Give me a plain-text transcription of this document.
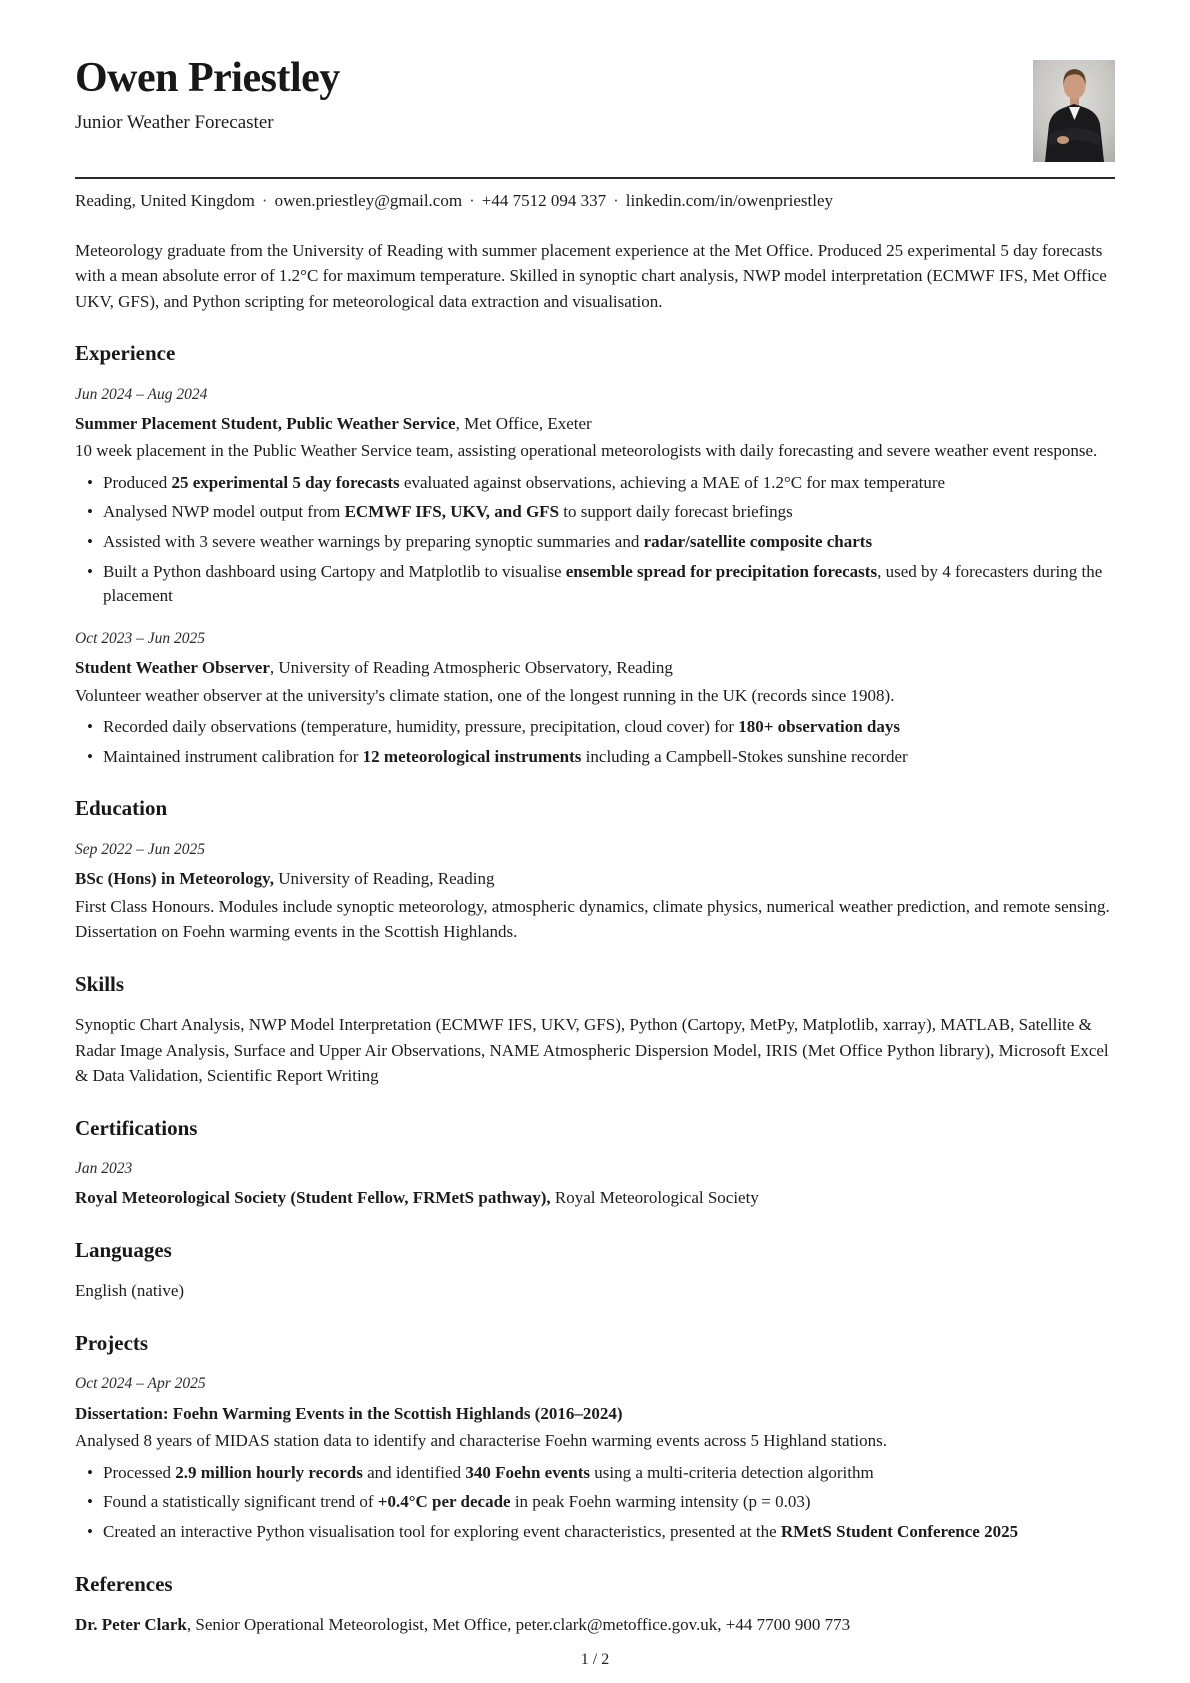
Owen Priestley
Junior Weather Forecaster
Reading, United Kingdom · owen.priestley@gmail.com · +44 7512 094 337 · linkedin.com/in/owenpriestley

Meteorology graduate from the University of Reading with summer placement experience at the Met Office. Produced 25 experimental 5 day forecasts with a mean absolute error of 1.2°C for maximum temperature. Skilled in synoptic chart analysis, NWP model interpretation (ECMWF IFS, Met Office UKV, GFS), and Python scripting for meteorological data extraction and visualisation.

Experience
Jun 2024 – Aug 2024
Summer Placement Student, Public Weather Service, Met Office, Exeter
10 week placement in the Public Weather Service team, assisting operational meteorologists with daily forecasting and severe weather event response.
• Produced 25 experimental 5 day forecasts evaluated against observations, achieving a MAE of 1.2°C for max temperature
• Analysed NWP model output from ECMWF IFS, UKV, and GFS to support daily forecast briefings
• Assisted with 3 severe weather warnings by preparing synoptic summaries and radar/satellite composite charts
• Built a Python dashboard using Cartopy and Matplotlib to visualise ensemble spread for precipitation forecasts, used by 4 forecasters during the placement
Oct 2023 – Jun 2025
Student Weather Observer, University of Reading Atmospheric Observatory, Reading
Volunteer weather observer at the university's climate station, one of the longest running in the UK (records since 1908).
• Recorded daily observations (temperature, humidity, pressure, precipitation, cloud cover) for 180+ observation days
• Maintained instrument calibration for 12 meteorological instruments including a Campbell-Stokes sunshine recorder
Education
Sep 2022 – Jun 2025
BSc (Hons) in Meteorology, University of Reading, Reading
First Class Honours. Modules include synoptic meteorology, atmospheric dynamics, climate physics, numerical weather prediction, and remote sensing. Dissertation on Foehn warming events in the Scottish Highlands.
Skills
Synoptic Chart Analysis, NWP Model Interpretation (ECMWF IFS, UKV, GFS), Python (Cartopy, MetPy, Matplotlib, xarray), MATLAB, Satellite & Radar Image Analysis, Surface and Upper Air Observations, NAME Atmospheric Dispersion Model, IRIS (Met Office Python library), Microsoft Excel & Data Validation, Scientific Report Writing
Certifications
Jan 2023
Royal Meteorological Society (Student Fellow, FRMetS pathway), Royal Meteorological Society
Languages
English (native)
Projects
Oct 2024 – Apr 2025
Dissertation: Foehn Warming Events in the Scottish Highlands (2016–2024)
Analysed 8 years of MIDAS station data to identify and characterise Foehn warming events across 5 Highland stations.
• Processed 2.9 million hourly records and identified 340 Foehn events using a multi-criteria detection algorithm
• Found a statistically significant trend of +0.4°C per decade in peak Foehn warming intensity (p = 0.03)
• Created an interactive Python visualisation tool for exploring event characteristics, presented at the RMetS Student Conference 2025
References
Dr. Peter Clark, Senior Operational Meteorologist, Met Office, peter.clark@metoffice.gov.uk, +44 7700 900 773
1 / 2
